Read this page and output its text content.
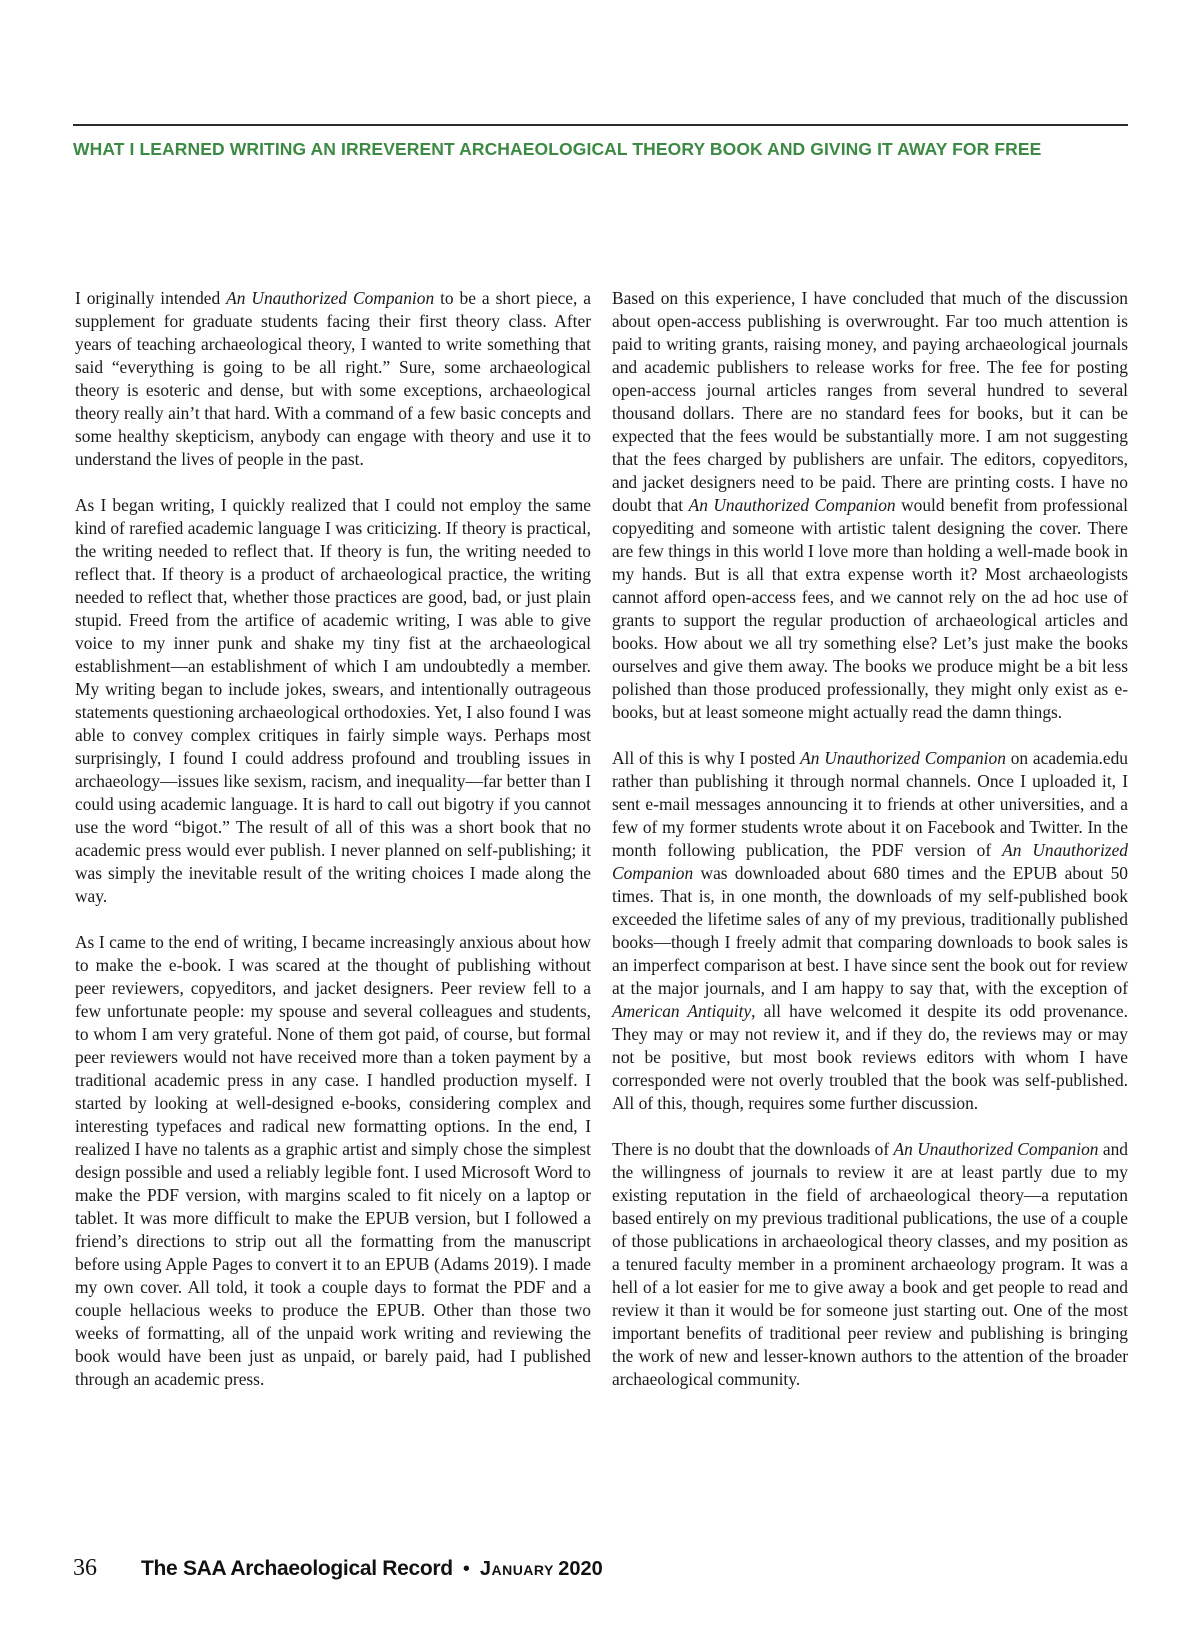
WHAT I LEARNED WRITING AN IRREVERENT ARCHAEOLOGICAL THEORY BOOK AND GIVING IT AWAY FOR FREE

I originally intended An Unauthorized Companion to be a short piece, a supplement for graduate students facing their first theory class. After years of teaching archaeological theory, I wanted to write something that said “everything is going to be all right.” Sure, some archaeological theory is esoteric and dense, but with some exceptions, archaeological theory really ain’t that hard. With a command of a few basic concepts and some healthy skepticism, anybody can engage with theory and use it to understand the lives of people in the past.

As I began writing, I quickly realized that I could not employ the same kind of rarefied academic language I was criticizing. If theory is practical, the writing needed to reflect that. If theory is fun, the writing needed to reflect that. If theory is a product of archaeological practice, the writing needed to reflect that, whether those practices are good, bad, or just plain stupid. Freed from the artifice of academic writing, I was able to give voice to my inner punk and shake my tiny fist at the archaeological establishment—an establishment of which I am undoubtedly a member. My writing began to include jokes, swears, and intentionally outrageous statements questioning archaeological orthodoxies. Yet, I also found I was able to convey complex critiques in fairly simple ways. Perhaps most surprisingly, I found I could address profound and troubling issues in archaeology—issues like sexism, racism, and inequality—far better than I could using academic language. It is hard to call out bigotry if you cannot use the word “bigot.” The result of all of this was a short book that no academic press would ever publish. I never planned on self-publishing; it was simply the inevitable result of the writing choices I made along the way.

As I came to the end of writing, I became increasingly anxious about how to make the e-book. I was scared at the thought of publishing without peer reviewers, copyeditors, and jacket designers. Peer review fell to a few unfortunate people: my spouse and several colleagues and students, to whom I am very grateful. None of them got paid, of course, but formal peer reviewers would not have received more than a token payment by a traditional academic press in any case. I handled production myself. I started by looking at well-designed e-books, considering complex and interesting typefaces and radical new formatting options. In the end, I realized I have no talents as a graphic artist and simply chose the simplest design possible and used a reliably legible font. I used Microsoft Word to make the PDF version, with margins scaled to fit nicely on a laptop or tablet. It was more difficult to make the EPUB version, but I followed a friend’s directions to strip out all the formatting from the manuscript before using Apple Pages to convert it to an EPUB (Adams 2019). I made my own cover. All told, it took a couple days to format the PDF and a couple hellacious weeks to produce the EPUB. Other than those two weeks of formatting, all of the unpaid work writing and reviewing the book would have been just as unpaid, or barely paid, had I published through an academic press.

Based on this experience, I have concluded that much of the discussion about open-access publishing is overwrought. Far too much attention is paid to writing grants, raising money, and paying archaeological journals and academic publishers to release works for free. The fee for posting open-access journal articles ranges from several hundred to several thousand dollars. There are no standard fees for books, but it can be expected that the fees would be substantially more. I am not suggesting that the fees charged by publishers are unfair. The editors, copyeditors, and jacket designers need to be paid. There are printing costs. I have no doubt that An Unauthorized Companion would benefit from professional copyediting and someone with artistic talent designing the cover. There are few things in this world I love more than holding a well-made book in my hands. But is all that extra expense worth it? Most archaeologists cannot afford open-access fees, and we cannot rely on the ad hoc use of grants to support the regular production of archaeological articles and books. How about we all try something else? Let’s just make the books ourselves and give them away. The books we produce might be a bit less polished than those produced professionally, they might only exist as e-books, but at least someone might actually read the damn things.

All of this is why I posted An Unauthorized Companion on academia.edu rather than publishing it through normal channels. Once I uploaded it, I sent e-mail messages announcing it to friends at other universities, and a few of my former students wrote about it on Facebook and Twitter. In the month following publication, the PDF version of An Unauthorized Companion was downloaded about 680 times and the EPUB about 50 times. That is, in one month, the downloads of my self-published book exceeded the lifetime sales of any of my previous, traditionally published books—though I freely admit that comparing downloads to book sales is an imperfect comparison at best. I have since sent the book out for review at the major journals, and I am happy to say that, with the exception of American Antiquity, all have welcomed it despite its odd provenance. They may or may not review it, and if they do, the reviews may or may not be positive, but most book reviews editors with whom I have corresponded were not overly troubled that the book was self-published. All of this, though, requires some further discussion.

There is no doubt that the downloads of An Unauthorized Companion and the willingness of journals to review it are at least partly due to my existing reputation in the field of archaeological theory—a reputation based entirely on my previous traditional publications, the use of a couple of those publications in archaeological theory classes, and my position as a tenured faculty member in a prominent archaeology program. It was a hell of a lot easier for me to give away a book and get people to read and review it than it would be for someone just starting out. One of the most important benefits of traditional peer review and publishing is bringing the work of new and lesser-known authors to the attention of the broader archaeological community.

36 The SAA Archaeological Record • January 2020
